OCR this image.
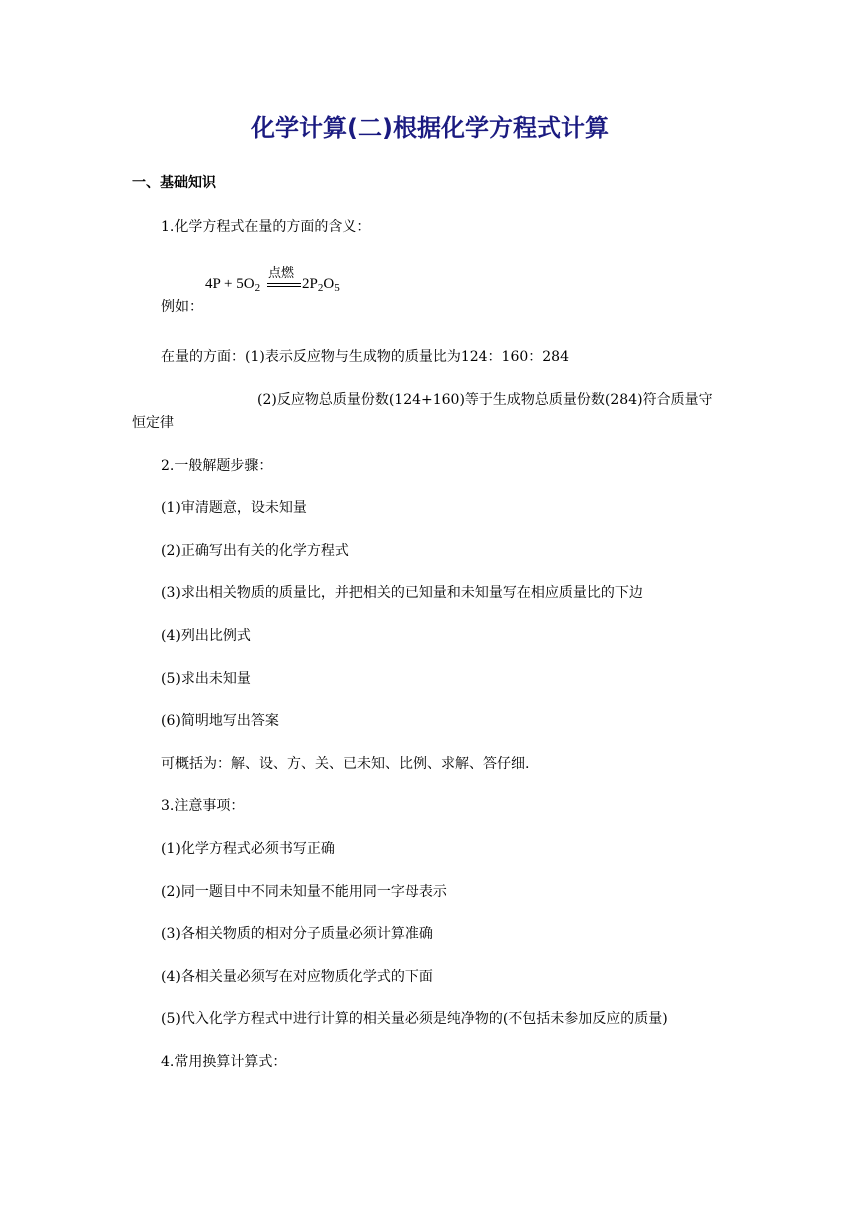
化学计算(二)根据化学方程式计算
一、基础知识
1.化学方程式在量的方面的含义：
$4P + 5O_2$
点燃
$2P_2O_5$
例如：
在量的方面：(1)表示反应物与生成物的质量比为124：160：284
(2)反应物总质量份数(124+160)等于生成物总质量份数(284)符合质量守
恒定律
2.一般解题步骤：
(1)审清题意，设未知量
(2)正确写出有关的化学方程式
(3)求出相关物质的质量比，并把相关的已知量和未知量写在相应质量比的下边
(4)列出比例式
(5)求出未知量
(6)简明地写出答案
可概括为：解、设、方、关、已未知、比例、求解、答仔细.
3.注意事项：
(1)化学方程式必须书写正确
(2)同一题目中不同未知量不能用同一字母表示
(3)各相关物质的相对分子质量必须计算准确
(4)各相关量必须写在对应物质化学式的下面
(5)代入化学方程式中进行计算的相关量必须是纯净物的(不包括未参加反应的质量)
4.常用换算计算式：
